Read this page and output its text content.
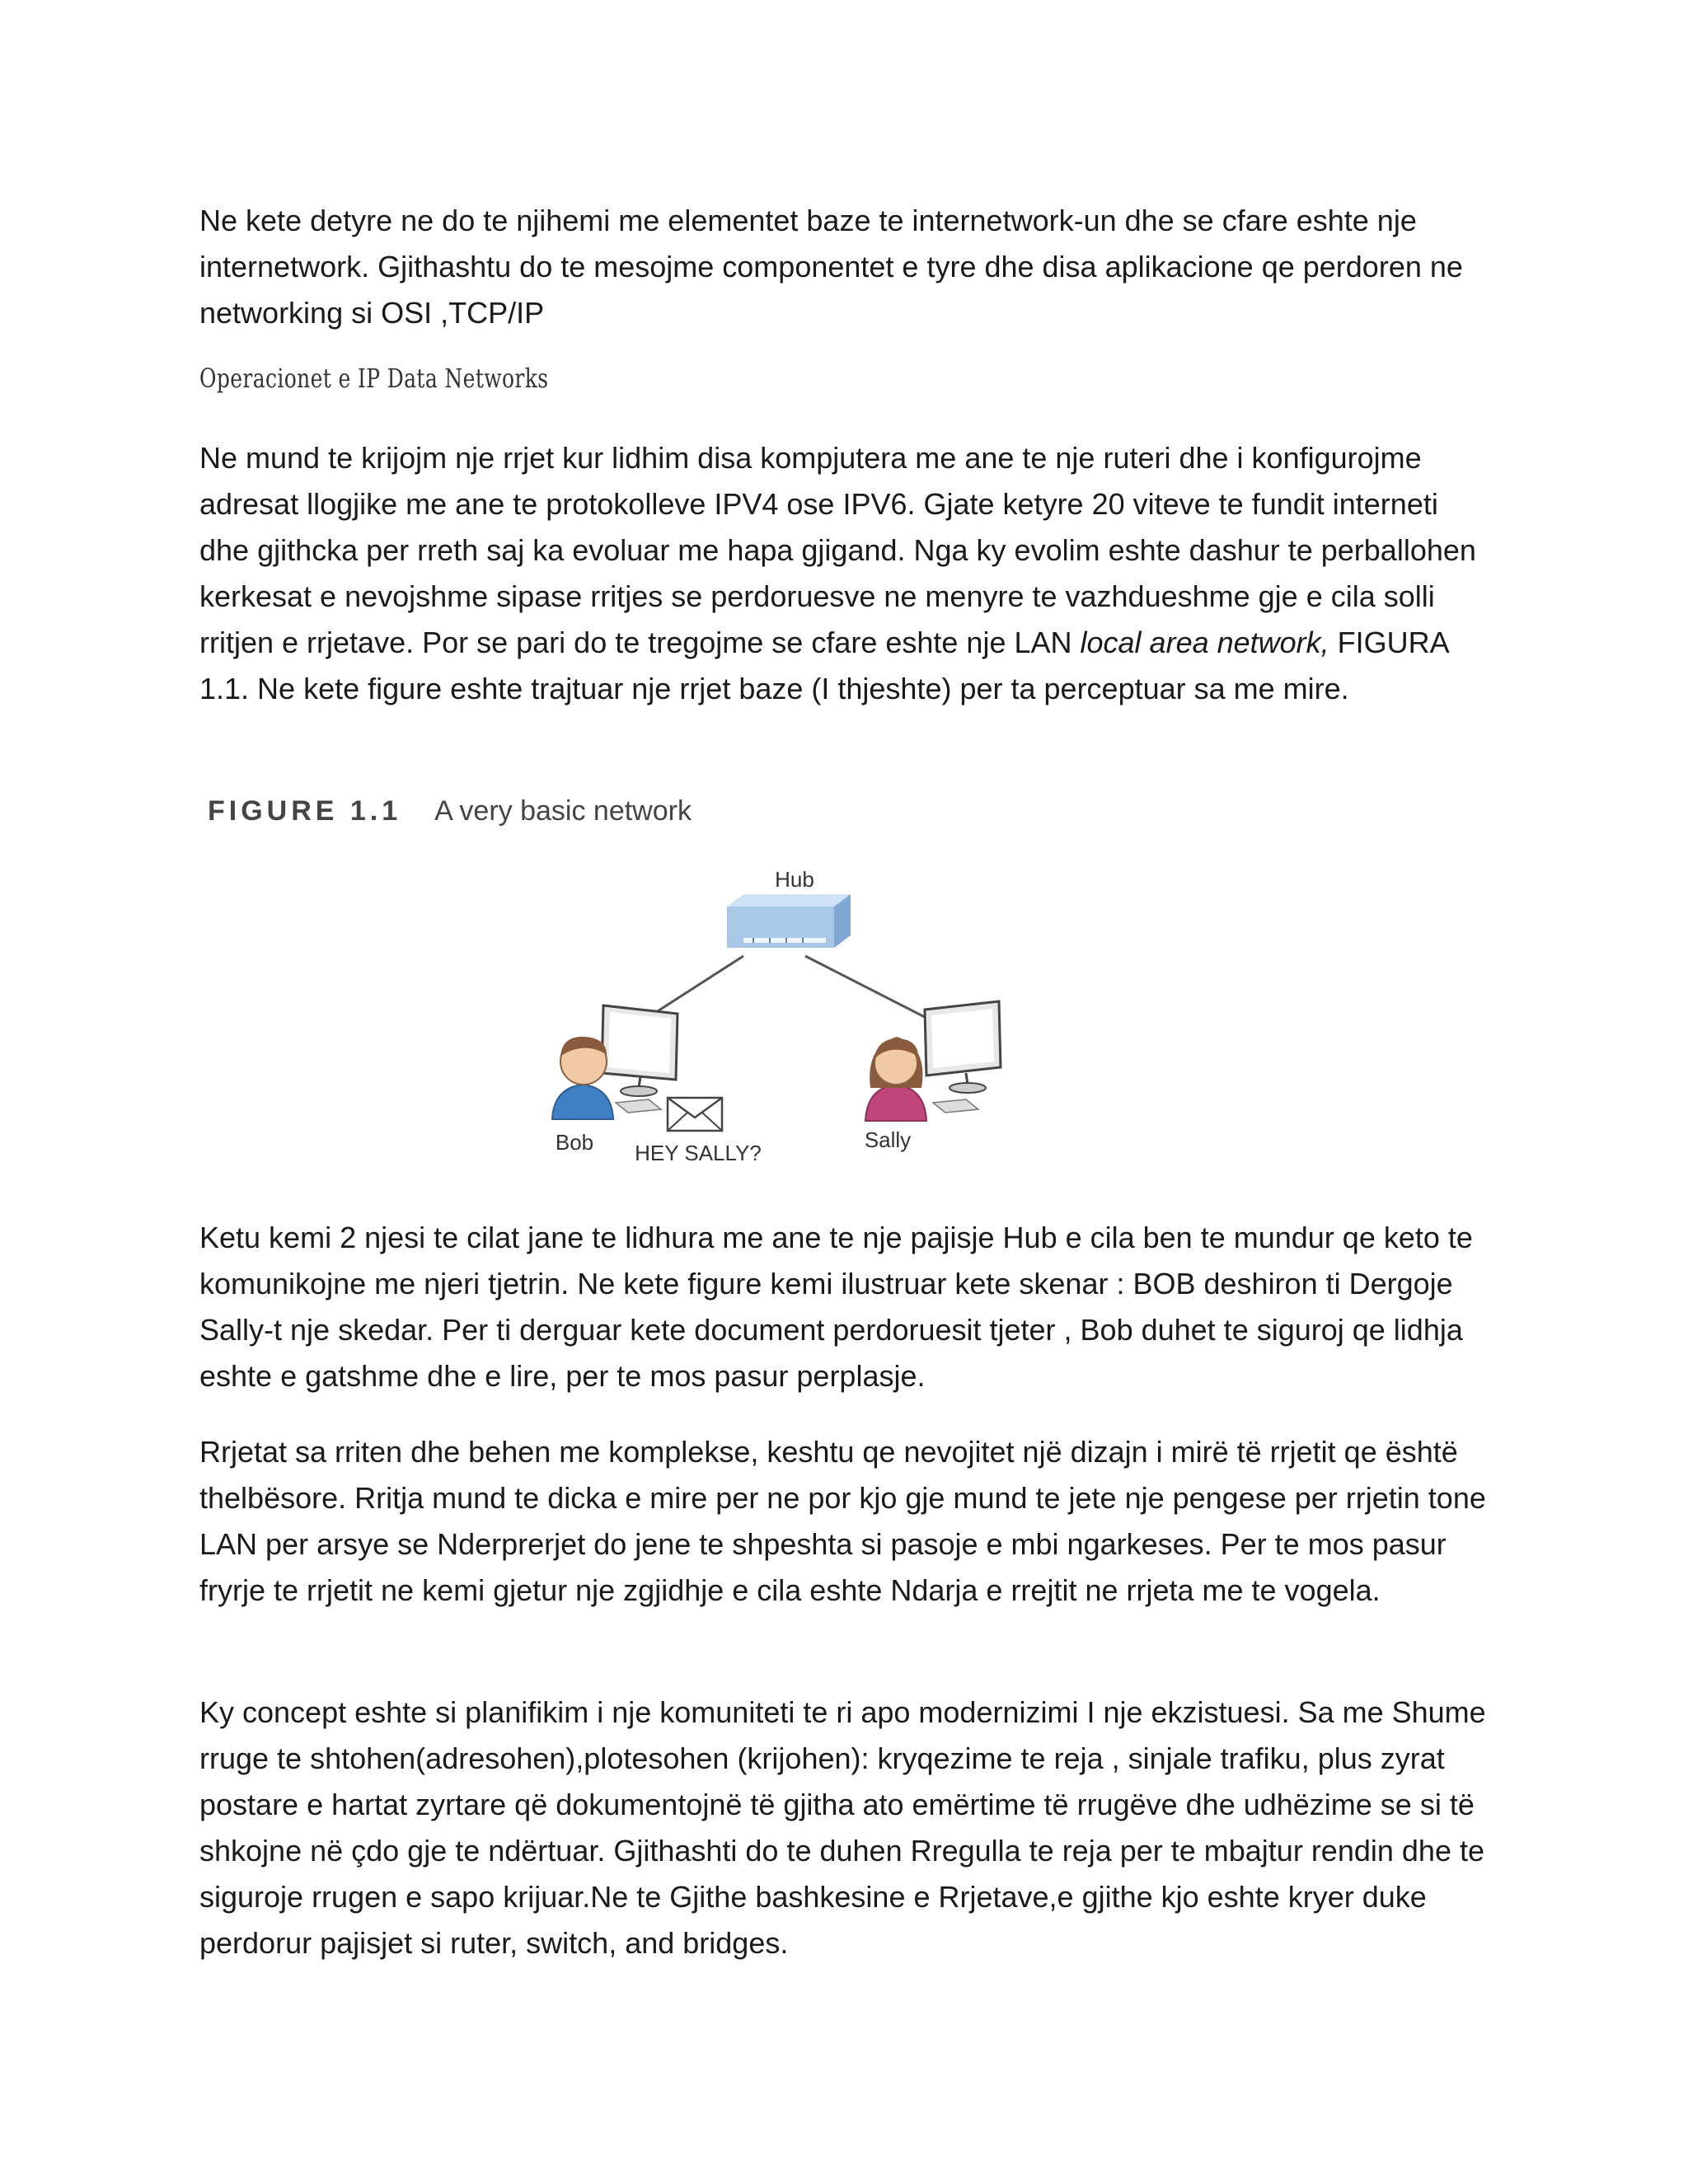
Ne kete detyre ne do te njihemi me elementet baze te internetwork-un dhe se cfare eshte nje internetwork. Gjithashtu do te mesojme componentet e tyre dhe disa aplikacione qe perdoren ne networking si OSI ,TCP/IP

Operacionet e IP Data Networks

Ne mund te krijojm nje rrjet kur lidhim disa kompjutera me ane te nje ruteri dhe i konfigurojme adresat llogjike me ane te protokolleve IPV4 ose IPV6. Gjate ketyre 20 viteve te fundit interneti dhe gjithcka per rreth saj ka evoluar me hapa gjigand. Nga ky evolim eshte dashur te perballohen kerkesat e nevojshme sipase rritjes se perdoruesve ne menyre te vazhdueshme gje e cila solli rritjen e rrjetave. Por se pari do te tregojme se cfare eshte nje LAN local area network, FIGURA 1.1. Ne kete figure eshte trajtuar nje rrjet baze (I thjeshte) per ta perceptuar sa me mire.

FIGURE 1.1 A very basic network

Hub
Bob HEY SALLY?
Sally

Ketu kemi 2 njesi te cilat jane te lidhura me ane te nje pajisje Hub e cila ben te mundur qe keto te komunikojne me njeri tjetrin. Ne kete figure kemi ilustruar kete skenar : BOB deshiron ti Dergoje Sally-t nje skedar. Per ti derguar kete document perdoruesit tjeter , Bob duhet te siguroj qe lidhja eshte e gatshme dhe e lire, per te mos pasur perplasje.

Rrjetat sa rriten dhe behen me komplekse, keshtu qe nevojitet një dizajn i mirë të rrjetit qe është thelbësore. Rritja mund te dicka e mire per ne por kjo gje mund te jete nje pengese per rrjetin tone LAN per arsye se Nderprerjet do jene te shpeshta si pasoje e mbi ngarkeses. Per te mos pasur fryrje te rrjetit ne kemi gjetur nje zgjidhje e cila eshte Ndarja e rrejtit ne rrjeta me te vogela.

Ky concept eshte si planifikim i nje komuniteti te ri apo modernizimi I nje ekzistuesi. Sa me Shume rruge te shtohen(adresohen),plotesohen (krijohen): kryqezime te reja , sinjale trafiku, plus zyrat postare e hartat zyrtare që dokumentojnë të gjitha ato emërtime të rrugëve dhe udhëzime se si të shkojne në çdo gje te ndërtuar. Gjithashti do te duhen Rregulla te reja per te mbajtur rendin dhe te siguroje rrugen e sapo krijuar.Ne te Gjithe bashkesine e Rrjetave,e gjithe kjo eshte kryer duke perdorur pajisjet si ruter, switch, and bridges.
